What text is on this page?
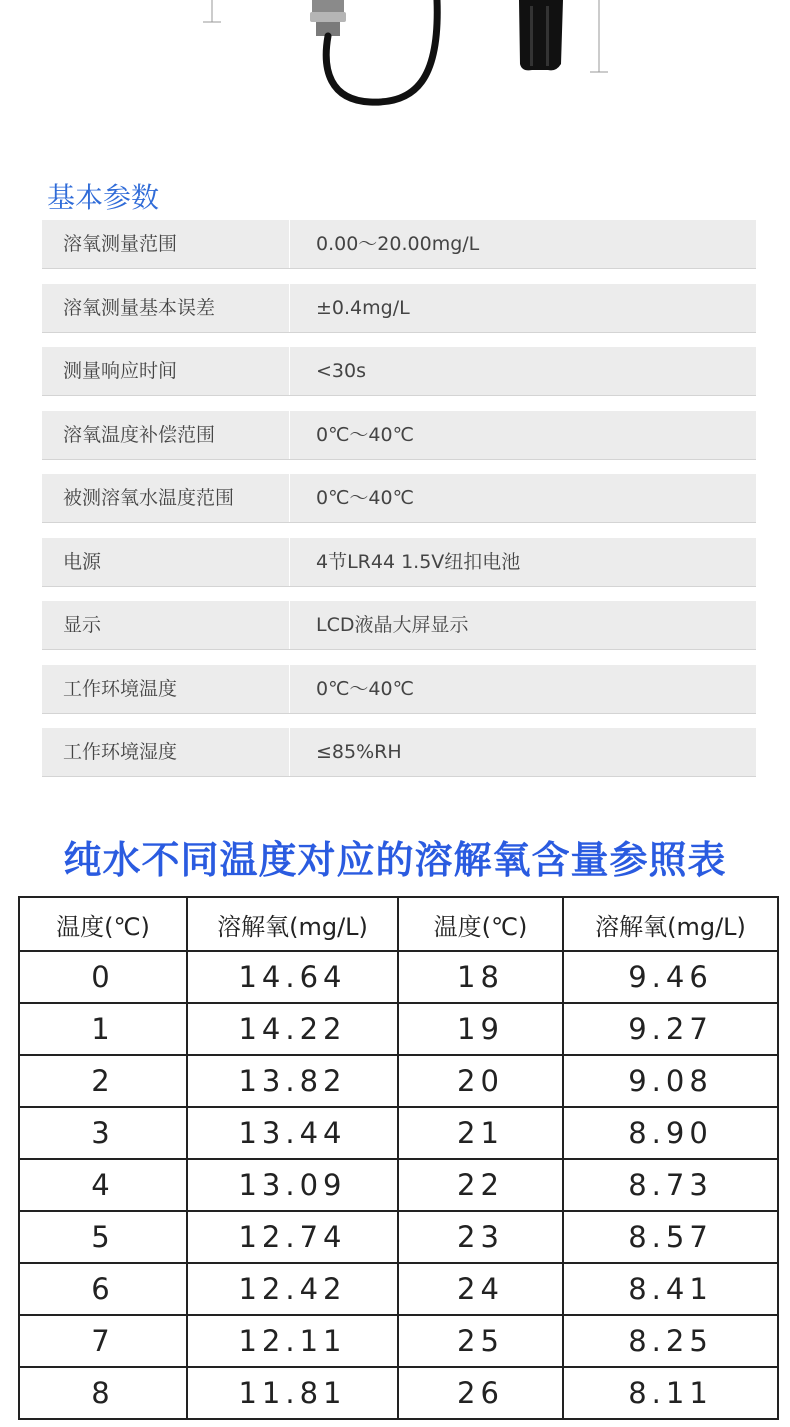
基本参数
溶氧测量范围	0.00～20.00mg/L
溶氧测量基本误差	±0.4mg/L
测量响应时间	<30s
溶氧温度补偿范围	0℃～40℃
被测溶氧水温度范围	0℃～40℃
电源	4节LR44 1.5V纽扣电池
显示	LCD液晶大屏显示
工作环境温度	0℃～40℃
工作环境湿度	≤85%RH
纯水不同温度对应的溶解氧含量参照表
温度(℃)	溶解氧(mg/L)	温度(℃)	溶解氧(mg/L)
0	14.64	18	9.46
1	14.22	19	9.27
2	13.82	20	9.08
3	13.44	21	8.90
4	13.09	22	8.73
5	12.74	23	8.57
6	12.42	24	8.41
7	12.11	25	8.25
8	11.81	26	8.11
